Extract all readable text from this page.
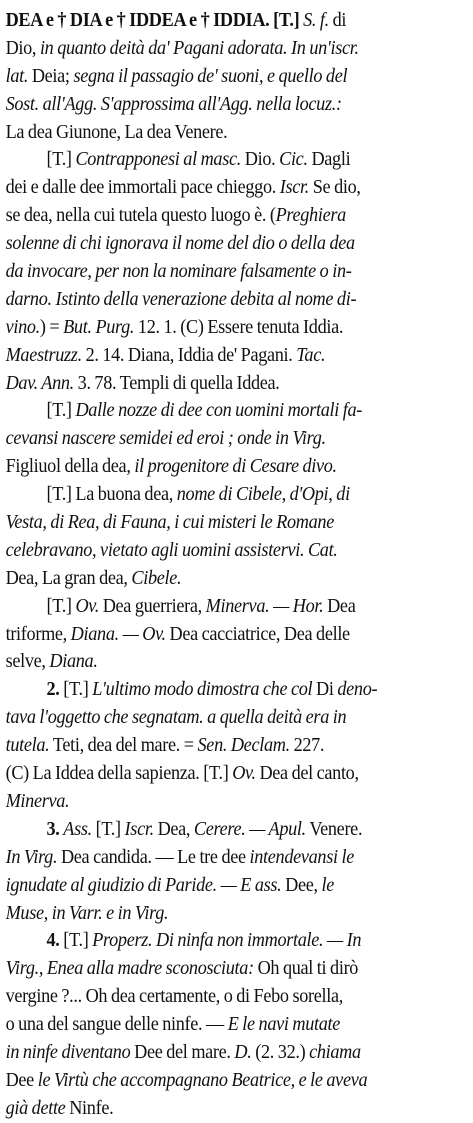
DEA e † DIA e † IDDEA e † IDDIA. [T.] S. f. di
Dio, in quanto deità da' Pagani adorata. In un'iscr.
lat. Deia; segna il passagio de' suoni, e quello del
Sost. all'Agg. S'approssima all'Agg. nella locuz.:
La dea Giunone, La dea Venere.
[T.] Contrapponesi al masc. Dio. Cic. Dagli
dei e dalle dee immortali pace chieggo. Iscr. Se dio,
se dea, nella cui tutela questo luogo è. (Preghiera
solenne di chi ignorava il nome del dio o della dea
da invocare, per non la nominare falsamente o in-
darno. Istinto della venerazione debita al nome di-
vino.) = But. Purg. 12. 1. (C) Essere tenuta Iddia.
Maestruzz. 2. 14. Diana, Iddia de' Pagani. Tac.
Dav. Ann. 3. 78. Templi di quella Iddea.
[T.] Dalle nozze di dee con uomini mortali fa-
cevansi nascere semidei ed eroi ; onde in Virg.
Figliuol della dea, il progenitore di Cesare divo.
[T.] La buona dea, nome di Cibele, d'Opi, di
Vesta, di Rea, di Fauna, i cui misteri le Romane
celebravano, vietato agli uomini assistervi. Cat.
Dea, La gran dea, Cibele.
[T.] Ov. Dea guerriera, Minerva. — Hor. Dea
triforme, Diana. — Ov. Dea cacciatrice, Dea delle
selve, Diana.
2. [T.] L'ultimo modo dimostra che col Di deno-
tava l'oggetto che segnatam. a quella deità era in
tutela. Teti, dea del mare. = Sen. Declam. 227.
(C) La Iddea della sapienza. [T.] Ov. Dea del canto,
Minerva.
3. Ass. [T.] Iscr. Dea, Cerere. — Apul. Venere.
In Virg. Dea candida. — Le tre dee intendevansi le
ignudate al giudizio di Paride. — E ass. Dee, le
Muse, in Varr. e in Virg.
4. [T.] Properz. Di ninfa non immortale. — In
Virg., Enea alla madre sconosciuta: Oh qual ti dirò
vergine ?... Oh dea certamente, o di Febo sorella,
o una del sangue delle ninfe. — E le navi mutate
in ninfe diventano Dee del mare. D. (2. 32.) chiama
Dee le Virtù che accompagnano Beatrice, e le aveva
già dette Ninfe.
